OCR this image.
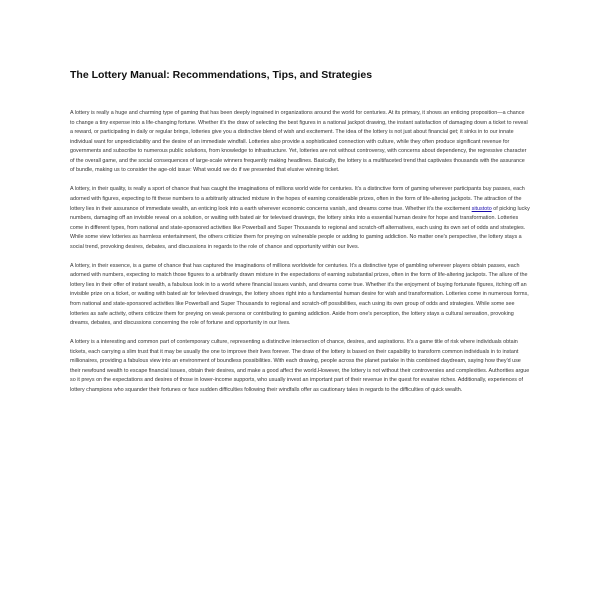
The Lottery Manual: Recommendations, Tips, and Strategies

A lottery is really a huge and charming type of gaming that has been deeply ingrained in organizations around the world for centuries. At its primary, it shows an enticing proposition—a chance to change a tiny expense into a life-changing fortune. Whether it's the draw of selecting the best figures in a national jackpot drawing, the instant satisfaction of damaging down a ticket to reveal a reward, or participating in daily or regular brings, lotteries give you a distinctive blend of wish and excitement. The idea of the lottery is not just about financial get; it sinks in to our innate individual want for unpredictability and the desire of an immediate windfall. Lotteries also provide a sophisticated connection with culture, while they often produce significant revenue for governments and subscribe to numerous public solutions, from knowledge to infrastructure. Yet, lotteries are not without controversy, with concerns about dependency, the regressive character of the overall game, and the social consequences of large-scale winners frequently making headlines. Basically, the lottery is a multifaceted trend that captivates thousands with the assurance of bundle, making us to consider the age-old issue: What would we do if we presented that elusive winning ticket.

A lottery, in their quality, is really a sport of chance that has caught the imaginations of millions world wide for centuries. It's a distinctive form of gaming wherever participants buy passes, each adorned with figures, expecting to fit these numbers to a arbitrarily attracted mixture in the hopes of earning considerable prizes, often in the form of life-altering jackpots. The attraction of the lottery lies in their assurance of immediate wealth, an enticing look into a earth wherever economic concerns vanish, and dreams come true. Whether it's the excitement situstoto of picking lucky numbers, damaging off an invisible reveal on a solution, or waiting with bated air for televised drawings, the lottery sinks into a essential human desire for hope and transformation. Lotteries come in different types, from national and state-sponsored activities like Powerball and Super Thousands to regional and scratch-off alternatives, each using its own set of odds and strategies. While some view lotteries as harmless entertainment, the others criticize them for preying on vulnerable people or adding to gaming addiction. No matter one's perspective, the lottery stays a social trend, provoking desires, debates, and discussions in regards to the role of chance and opportunity within our lives.

A lottery, in their essence, is a game of chance that has captured the imaginations of millions worldwide for centuries. It's a distinctive type of gambling wherever players obtain passes, each adorned with numbers, expecting to match those figures to a arbitrarily drawn mixture in the expectations of earning substantial prizes, often in the form of life-altering jackpots. The allure of the lottery lies in their offer of instant wealth, a fabulous look in to a world where financial issues vanish, and dreams come true. Whether it's the enjoyment of buying fortunate figures, itching off an invisible prize on a ticket, or waiting with bated air for televised drawings, the lottery shoes right into a fundamental human desire for wish and transformation. Lotteries come in numerous forms, from national and state-sponsored activities like Powerball and Super Thousands to regional and scratch-off possibilities, each using its own group of odds and strategies. While some see lotteries as safe activity, others criticize them for preying on weak persons or contributing to gaming addiction. Aside from one's perception, the lottery stays a cultural sensation, provoking dreams, debates, and discussions concerning the role of fortune and opportunity in our lives.

A lottery is a interesting and common part of contemporary culture, representing a distinctive intersection of chance, desires, and aspirations. It's a game title of risk where individuals obtain tickets, each carrying a slim trust that it may be usually the one to improve their lives forever. The draw of the lottery is based on their capability to transform common individuals in to instant millionaires, providing a fabulous view into an environment of boundless possibilities. With each drawing, people across the planet partake in this combined daydream, saying how they'd use their newfound wealth to escape financial issues, obtain their desires, and make a good affect the world.However, the lottery is not without their controversies and complexities. Authorities argue so it preys on the expectations and desires of those in lower-income supports, who usually invest an important part of their revenue in the quest for evasive riches. Additionally, experiences of lottery champions who squander their fortunes or face sudden difficulties following their windfalls offer as cautionary tales in regards to the difficulties of quick wealth.
